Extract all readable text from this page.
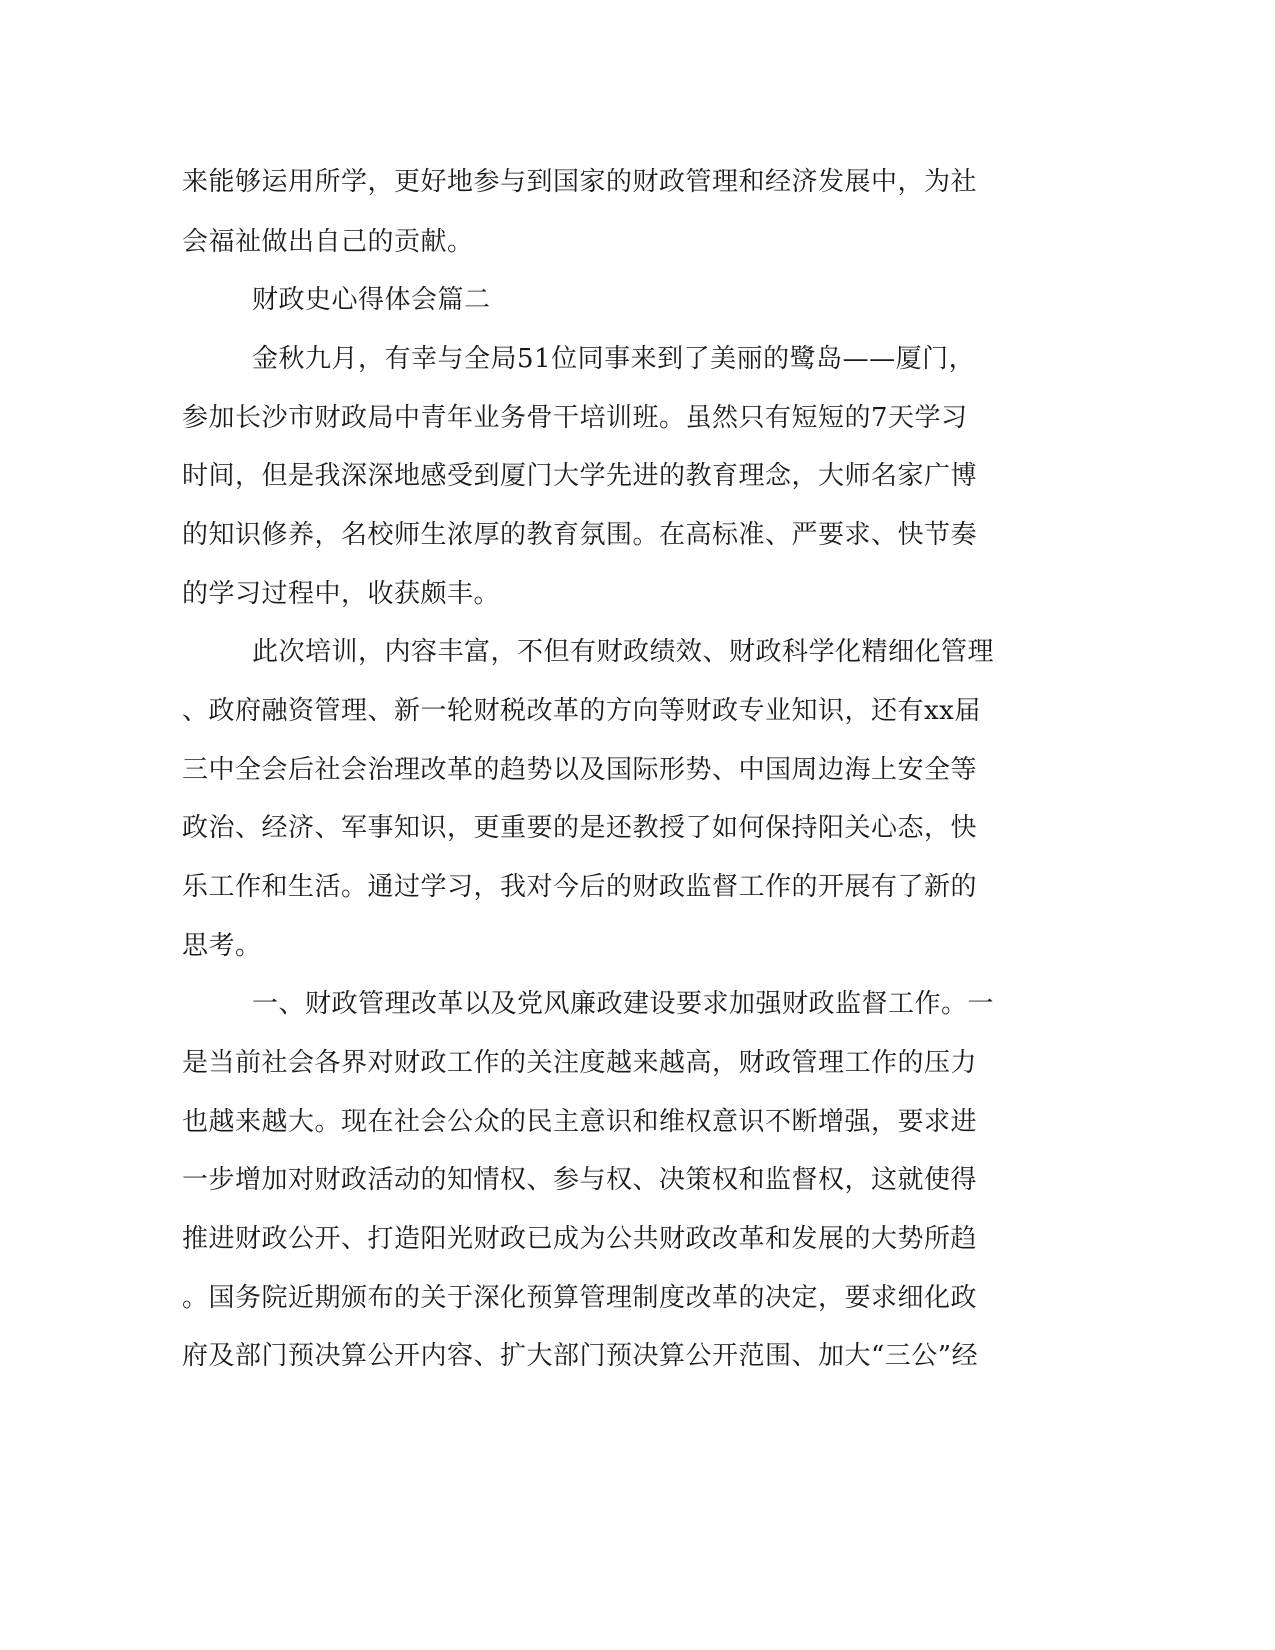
来能够运用所学，更好地参与到国家的财政管理和经济发展中，为社
会福祉做出自己的贡献。
财政史心得体会篇二
金秋九月，有幸与全局51位同事来到了美丽的鹭岛——厦门，
参加长沙市财政局中青年业务骨干培训班。虽然只有短短的7天学习
时间，但是我深深地感受到厦门大学先进的教育理念，大师名家广博
的知识修养，名校师生浓厚的教育氛围。在高标准、严要求、快节奏
的学习过程中，收获颇丰。
此次培训，内容丰富，不但有财政绩效、财政科学化精细化管理
、政府融资管理、新一轮财税改革的方向等财政专业知识，还有xx届
三中全会后社会治理改革的趋势以及国际形势、中国周边海上安全等
政治、经济、军事知识，更重要的是还教授了如何保持阳关心态，快
乐工作和生活。通过学习，我对今后的财政监督工作的开展有了新的
思考。
一、财政管理改革以及党风廉政建设要求加强财政监督工作。一
是当前社会各界对财政工作的关注度越来越高，财政管理工作的压力
也越来越大。现在社会公众的民主意识和维权意识不断增强，要求进
一步增加对财政活动的知情权、参与权、决策权和监督权，这就使得
推进财政公开、打造阳光财政已成为公共财政改革和发展的大势所趋
。国务院近期颁布的关于深化预算管理制度改革的决定，要求细化政
府及部门预决算公开内容、扩大部门预决算公开范围、加大“三公”经
